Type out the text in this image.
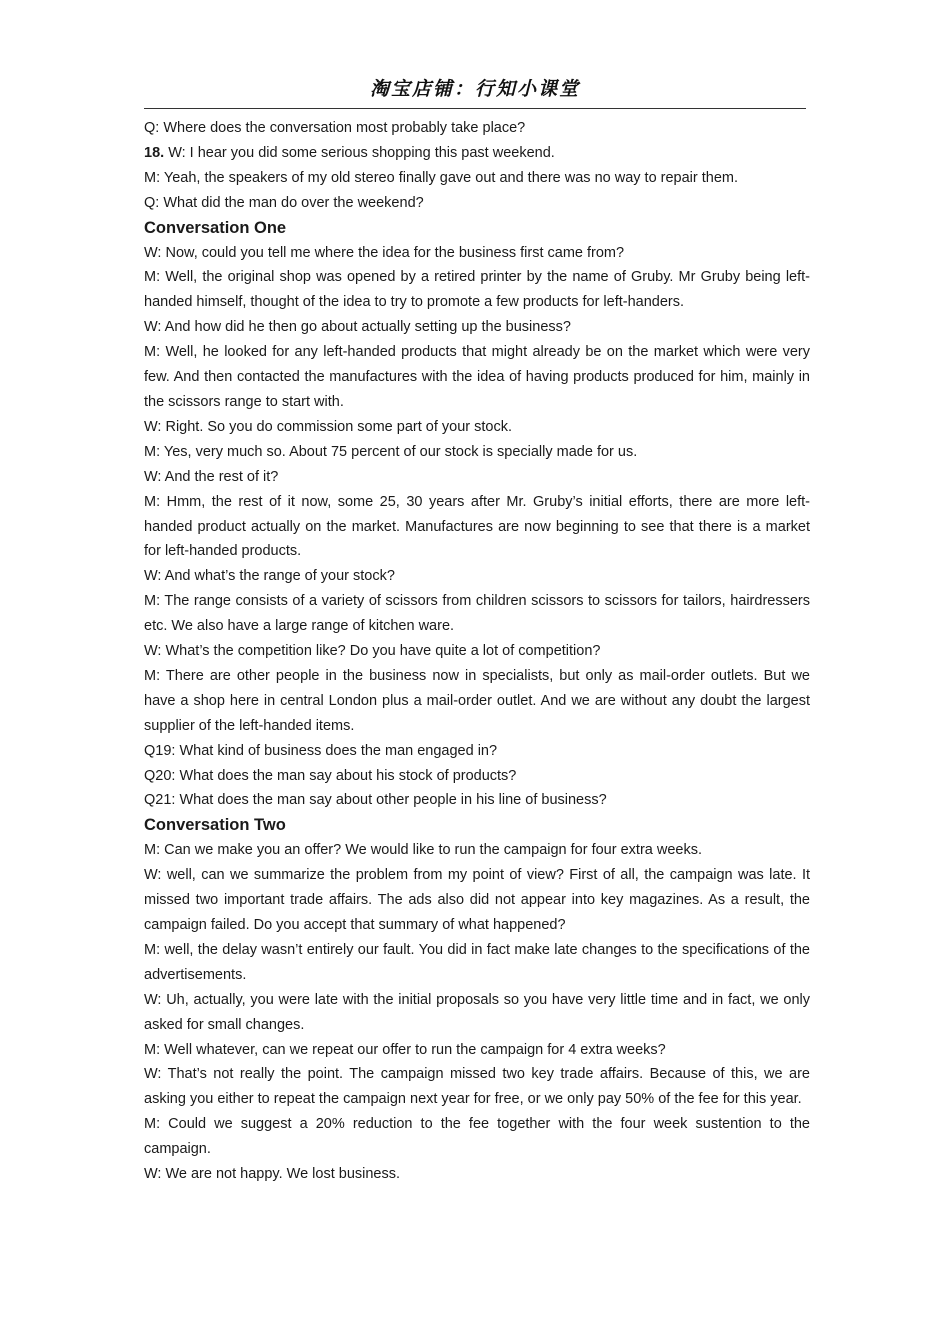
淘宝店铺：行知小课堂
Q: Where does the conversation most probably take place?
18. W: I hear you did some serious shopping this past weekend.
M: Yeah, the speakers of my old stereo finally gave out and there was no way to repair them.
Q: What did the man do over the weekend?
Conversation One
W: Now, could you tell me where the idea for the business first came from?
M: Well, the original shop was opened by a retired printer by the name of Gruby. Mr Gruby being left-handed himself, thought of the idea to try to promote a few products for left-handers.
W: And how did he then go about actually setting up the business?
M: Well, he looked for any left-handed products that might already be on the market which were very few. And then contacted the manufactures with the idea of having products produced for him, mainly in the scissors range to start with.
W: Right. So you do commission some part of your stock.
M: Yes, very much so. About 75 percent of our stock is specially made for us.
W: And the rest of it?
M: Hmm, the rest of it now, some 25, 30 years after Mr. Gruby’s initial efforts, there are more left-handed product actually on the market. Manufactures are now beginning to see that there is a market for left-handed products.
W: And what’s the range of your stock?
M: The range consists of a variety of scissors from children scissors to scissors for tailors, hairdressers etc. We also have a large range of kitchen ware.
W: What’s the competition like? Do you have quite a lot of competition?
M: There are other people in the business now in specialists, but only as mail-order outlets. But we have a shop here in central London plus a mail-order outlet. And we are without any doubt the largest supplier of the left-handed items.
Q19: What kind of business does the man engaged in?
Q20: What does the man say about his stock of products?
Q21: What does the man say about other people in his line of business?
Conversation Two
M: Can we make you an offer? We would like to run the campaign for four extra weeks.
W: well, can we summarize the problem from my point of view? First of all, the campaign was late. It missed two important trade affairs. The ads also did not appear into key magazines. As a result, the campaign failed. Do you accept that summary of what happened?
M: well, the delay wasn’t entirely our fault. You did in fact make late changes to the specifications of the advertisements.
W: Uh, actually, you were late with the initial proposals so you have very little time and in fact, we only asked for small changes.
M: Well whatever, can we repeat our offer to run the campaign for 4 extra weeks?
W: That’s not really the point. The campaign missed two key trade affairs. Because of this, we are asking you either to repeat the campaign next year for free, or we only pay 50% of the fee for this year.
M: Could we suggest a 20% reduction to the fee together with the four week sustention to the campaign.
W: We are not happy. We lost business.
